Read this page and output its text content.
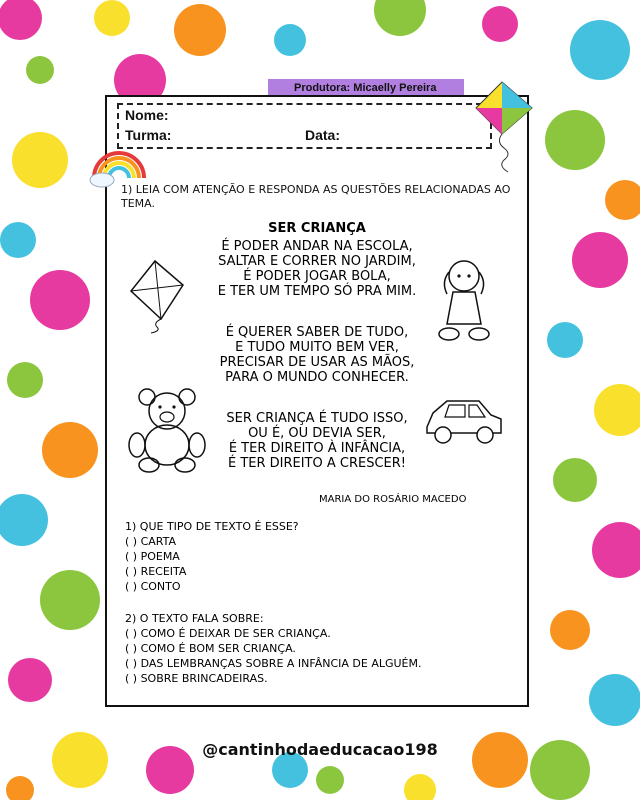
Produtora: Micaelly Pereira
Nome:
Turma:	Data:
1) LEIA COM ATENÇÃO E RESPONDA AS QUESTÕES RELACIONADAS AO TEMA.
SER CRIANÇA
É PODER ANDAR NA ESCOLA,
SALTAR E CORRER NO JARDIM,
É PODER JOGAR BOLA,
E TER UM TEMPO SÓ PRA MIM.
É QUERER SABER DE TUDO,
E TUDO MUITO BEM VER,
PRECISAR DE USAR AS MÃOS,
PARA O MUNDO CONHECER.
SER CRIANÇA É TUDO ISSO,
OU É, OU DEVIA SER,
É TER DIREITO À INFÂNCIA,
É TER DIREITO A CRESCER!
MARIA DO ROSÁRIO MACEDO
1) QUE TIPO DE TEXTO É ESSE?
( ) CARTA
( ) POEMA
( ) RECEITA
( ) CONTO
2) O TEXTO FALA SOBRE:
( ) COMO É DEIXAR DE SER CRIANÇA.
( ) COMO É BOM SER CRIANÇA.
( ) DAS LEMBRANÇAS SOBRE A INFÂNCIA DE ALGUÉM.
( ) SOBRE BRINCADEIRAS.
@cantinhodaeducacao198
